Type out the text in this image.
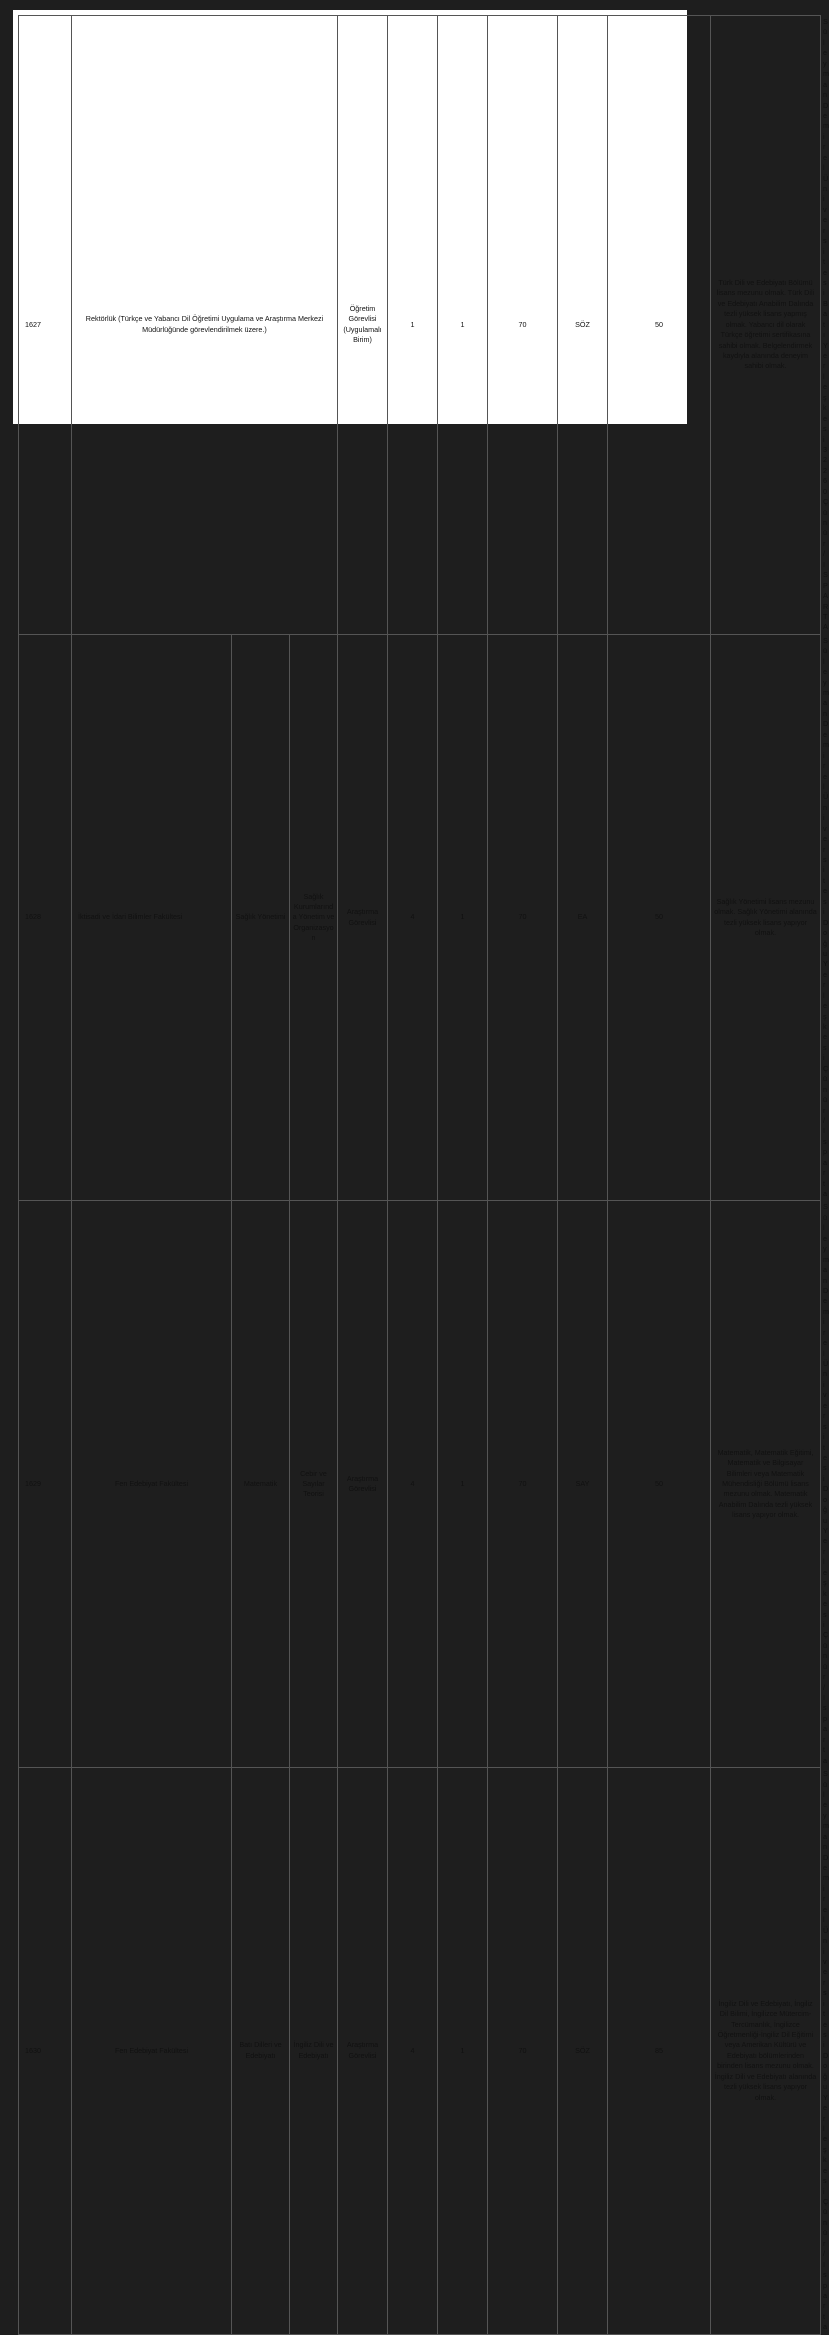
1627	Rektörlük (Türkçe ve Yabancı Dil Öğretimi Uygulama ve Araştırma Merkezi Müdürlüğünde görevlendirilmek üzere.)			Öğretim Görevlisi (Uygulamalı Birim)	1	1	70	SÖZ	50	Türk Dili ve Edebiyatı Bölümü lisans mezunu olmak. Türk Dili ve Edebiyatı Anabilim Dalında tezli yüksek lisans yapmış olmak. Yabancı dil olarak Türkçe öğretimi sertifikasına sahibi olmak. Belgelendirmek kaydıyla alanında deneyim sahibi olmak.	Süleyman Demirel Üniversitesi Batı Yerleşkesi 32260 Çünür/ISPARTA
1628	İktisadi ve İdari Bilimler Fakültesi	Sağlık Yönetimi	Sağlık Kurumlarında Yönetim ve Organizasyon	Araştırma Görevlisi	4	1	70	EA	50	Sağlık Yönetimi lisans mezunu olmak. Sağlık Yönetimi alanında tezli yüksek lisans yapıyor olmak.	Süleyman Demirel Üniversitesi Doğu Yerleşkesi Çünür/Isparta
1629	Fen Edebiyat Fakültesi	Matematik	Cebir ve Sayılar Teorisi	Araştırma Görevlisi	4	1	70	SAY	50	Matematik, Matematik Eğitimi, Matematik ve Bilgisayar Bilimleri veya Matematik Mühendisliği Bölümü lisans mezunu olmak. Matematik Anabilim Dalında tezli yüksek lisans yapıyor olmak.	Süleyman Demirel Üniversitesi Doğu Yerleşkesi Çünür/Isparta
1630	Fen Edebiyat Fakültesi	Batı Dilleri ve Edebiyatı	İngiliz Dili ve Edebiyatı	Araştırma Görevlisi	4	1	70	SÖZ	85	İngiliz Dili ve Edebiyatı, İngiliz Dil Bilimi, İngilizce Mütercim-Tercümanlık, İngilizce Öğretmenliği-İngiliz Dil Eğitimi veya Amerikan Kültürü ve Edebiyatı bölümlerinden birinden lisans mezunu olmak. İngiliz Dili ve Edebiyatı alanında tezli yüksek lisans yapıyor olmak.	Süleyman Demirel Üniversitesi Doğu Yerleşkesi Çünür/Isparta
